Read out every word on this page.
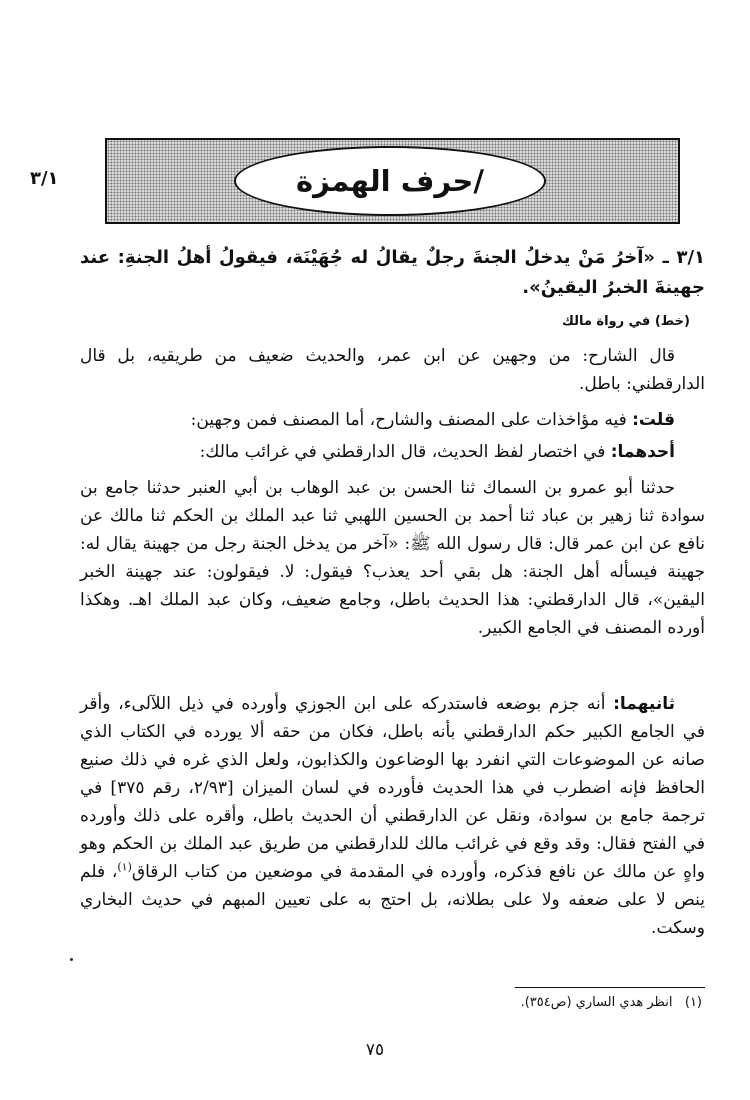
٣/١	/حرف الهمزة
٣/١ ـ «آخرُ مَنْ يدخلُ الجنةَ رجلٌ يقالُ له جُهَيْنَة، فيقولُ أهلُ الجنةِ: عند جهينةَ الخبرُ اليقينُ».
(خط) في رواة مالك
قال الشارح: من وجهين عن ابن عمر، والحديث ضعيف من طريقيه، بل قال الدارقطني: باطل.
قلت: فيه مؤاخذات على المصنف والشارح، أما المصنف فمن وجهين:
أحدهما: في اختصار لفظ الحديث، قال الدارقطني في غرائب مالك:
حدثنا أبو عمرو بن السماك ثنا الحسن بن عبد الوهاب بن أبي العنبر حدثنا جامع بن سوادة ثنا زهير بن عباد ثنا أحمد بن الحسين اللهبي ثنا عبد الملك بن الحكم ثنا مالك عن نافع عن ابن عمر قال: قال رسول الله ﷺ: «آخر من يدخل الجنة رجل من جهينة يقال له: جهينة فيسأله أهل الجنة: هل بقي أحد يعذب؟ فيقول: لا. فيقولون: عند جهينة الخبر اليقين»، قال الدارقطني: هذا الحديث باطل، وجامع ضعيف، وكان عبد الملك اهـ. وهكذا أورده المصنف في الجامع الكبير.
ثانيهما: أنه جزم بوضعه فاستدركه على ابن الجوزي وأورده في ذيل اللآلىء، وأقر في الجامع الكبير حكم الدارقطني بأنه باطل، فكان من حقه ألا يورده في الكتاب الذي صانه عن الموضوعات التي انفرد بها الوضاعون والكذابون، ولعل الذي غره في ذلك صنيع الحافظ فإنه اضطرب في هذا الحديث فأورده في لسان الميزان [٢/٩٣، رقم ٣٧٥] في ترجمة جامع بن سوادة، ونقل عن الدارقطني أن الحديث باطل، وأقره على ذلك وأورده في الفتح فقال: وقد وقع في غرائب مالك للدارقطني من طريق عبد الملك بن الحكم وهو واهٍ عن مالك عن نافع فذكره، وأورده في المقدمة في موضعين من كتاب الرقاق$^{(١)}$، فلم ينص لا على ضعفه ولا على بطلانه، بل احتج به على تعيين المبهم في حديث البخاري وسكت.
(١)   انظر هدي الساري (ص٣٥٤).
٧٥
